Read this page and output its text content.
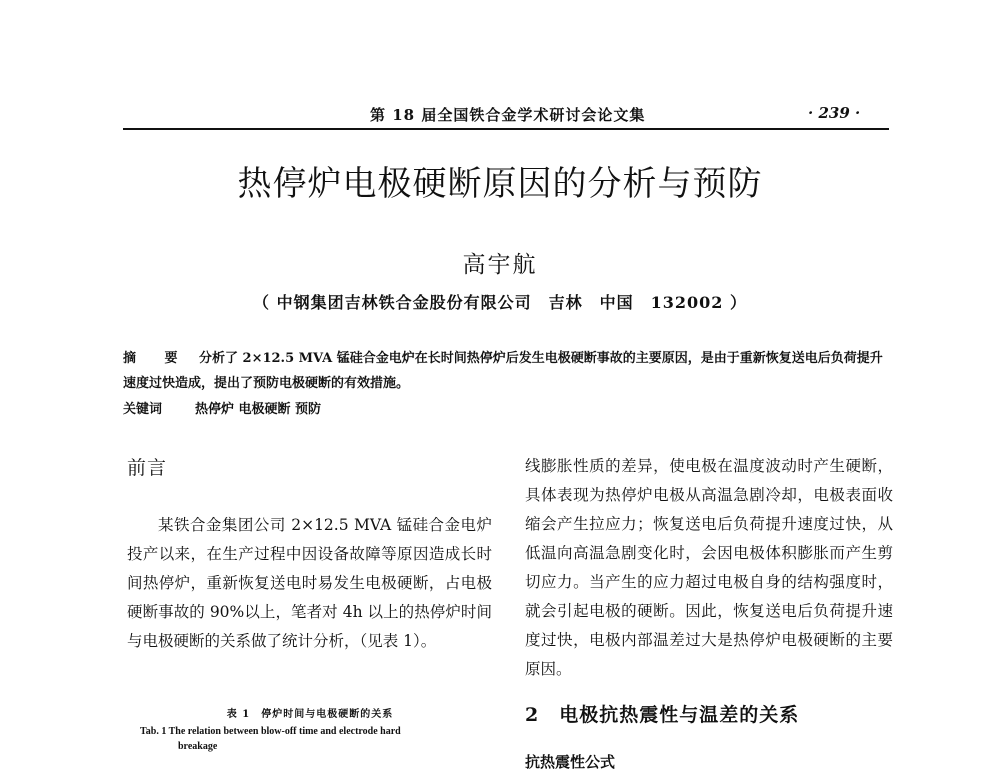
第 18 届全国铁合金学术研讨会论文集	· 239 ·
热停炉电极硬断原因的分析与预防
高宇航
（ 中钢集团吉林铁合金股份有限公司　吉林　中国　132002 ）
摘 要 分析了 2×12.5 MVA 锰硅合金电炉在长时间热停炉后发生电极硬断事故的主要原因，是由于重新恢复送电后负荷提升速度过快造成，提出了预防电极硬断的有效措施。
关键词	热停炉 电极硬断 预防
前言
某铁合金集团公司 2×12.5 MVA 锰硅合金电炉投产以来，在生产过程中因设备故障等原因造成长时间热停炉，重新恢复送电时易发生电极硬断，占电极硬断事故的 90%以上，笔者对 4h 以上的热停炉时间与电极硬断的关系做了统计分析，（见表 1）。
线膨胀性质的差异，使电极在温度波动时产生硬断，具体表现为热停炉电极从高温急剧冷却，电极表面收缩会产生拉应力；恢复送电后负荷提升速度过快，从低温向高温急剧变化时，会因电极体积膨胀而产生剪切应力。当产生的应力超过电极自身的结构强度时，就会引起电极的硬断。因此，恢复送电后负荷提升速度过快，电极内部温差过大是热停炉电极硬断的主要原因。
2　电极抗热震性与温差的关系
抗热震性公式
表 1　停炉时间与电极硬断的关系
Tab. 1 The relation between blow-off time and electrode hard
breakage
